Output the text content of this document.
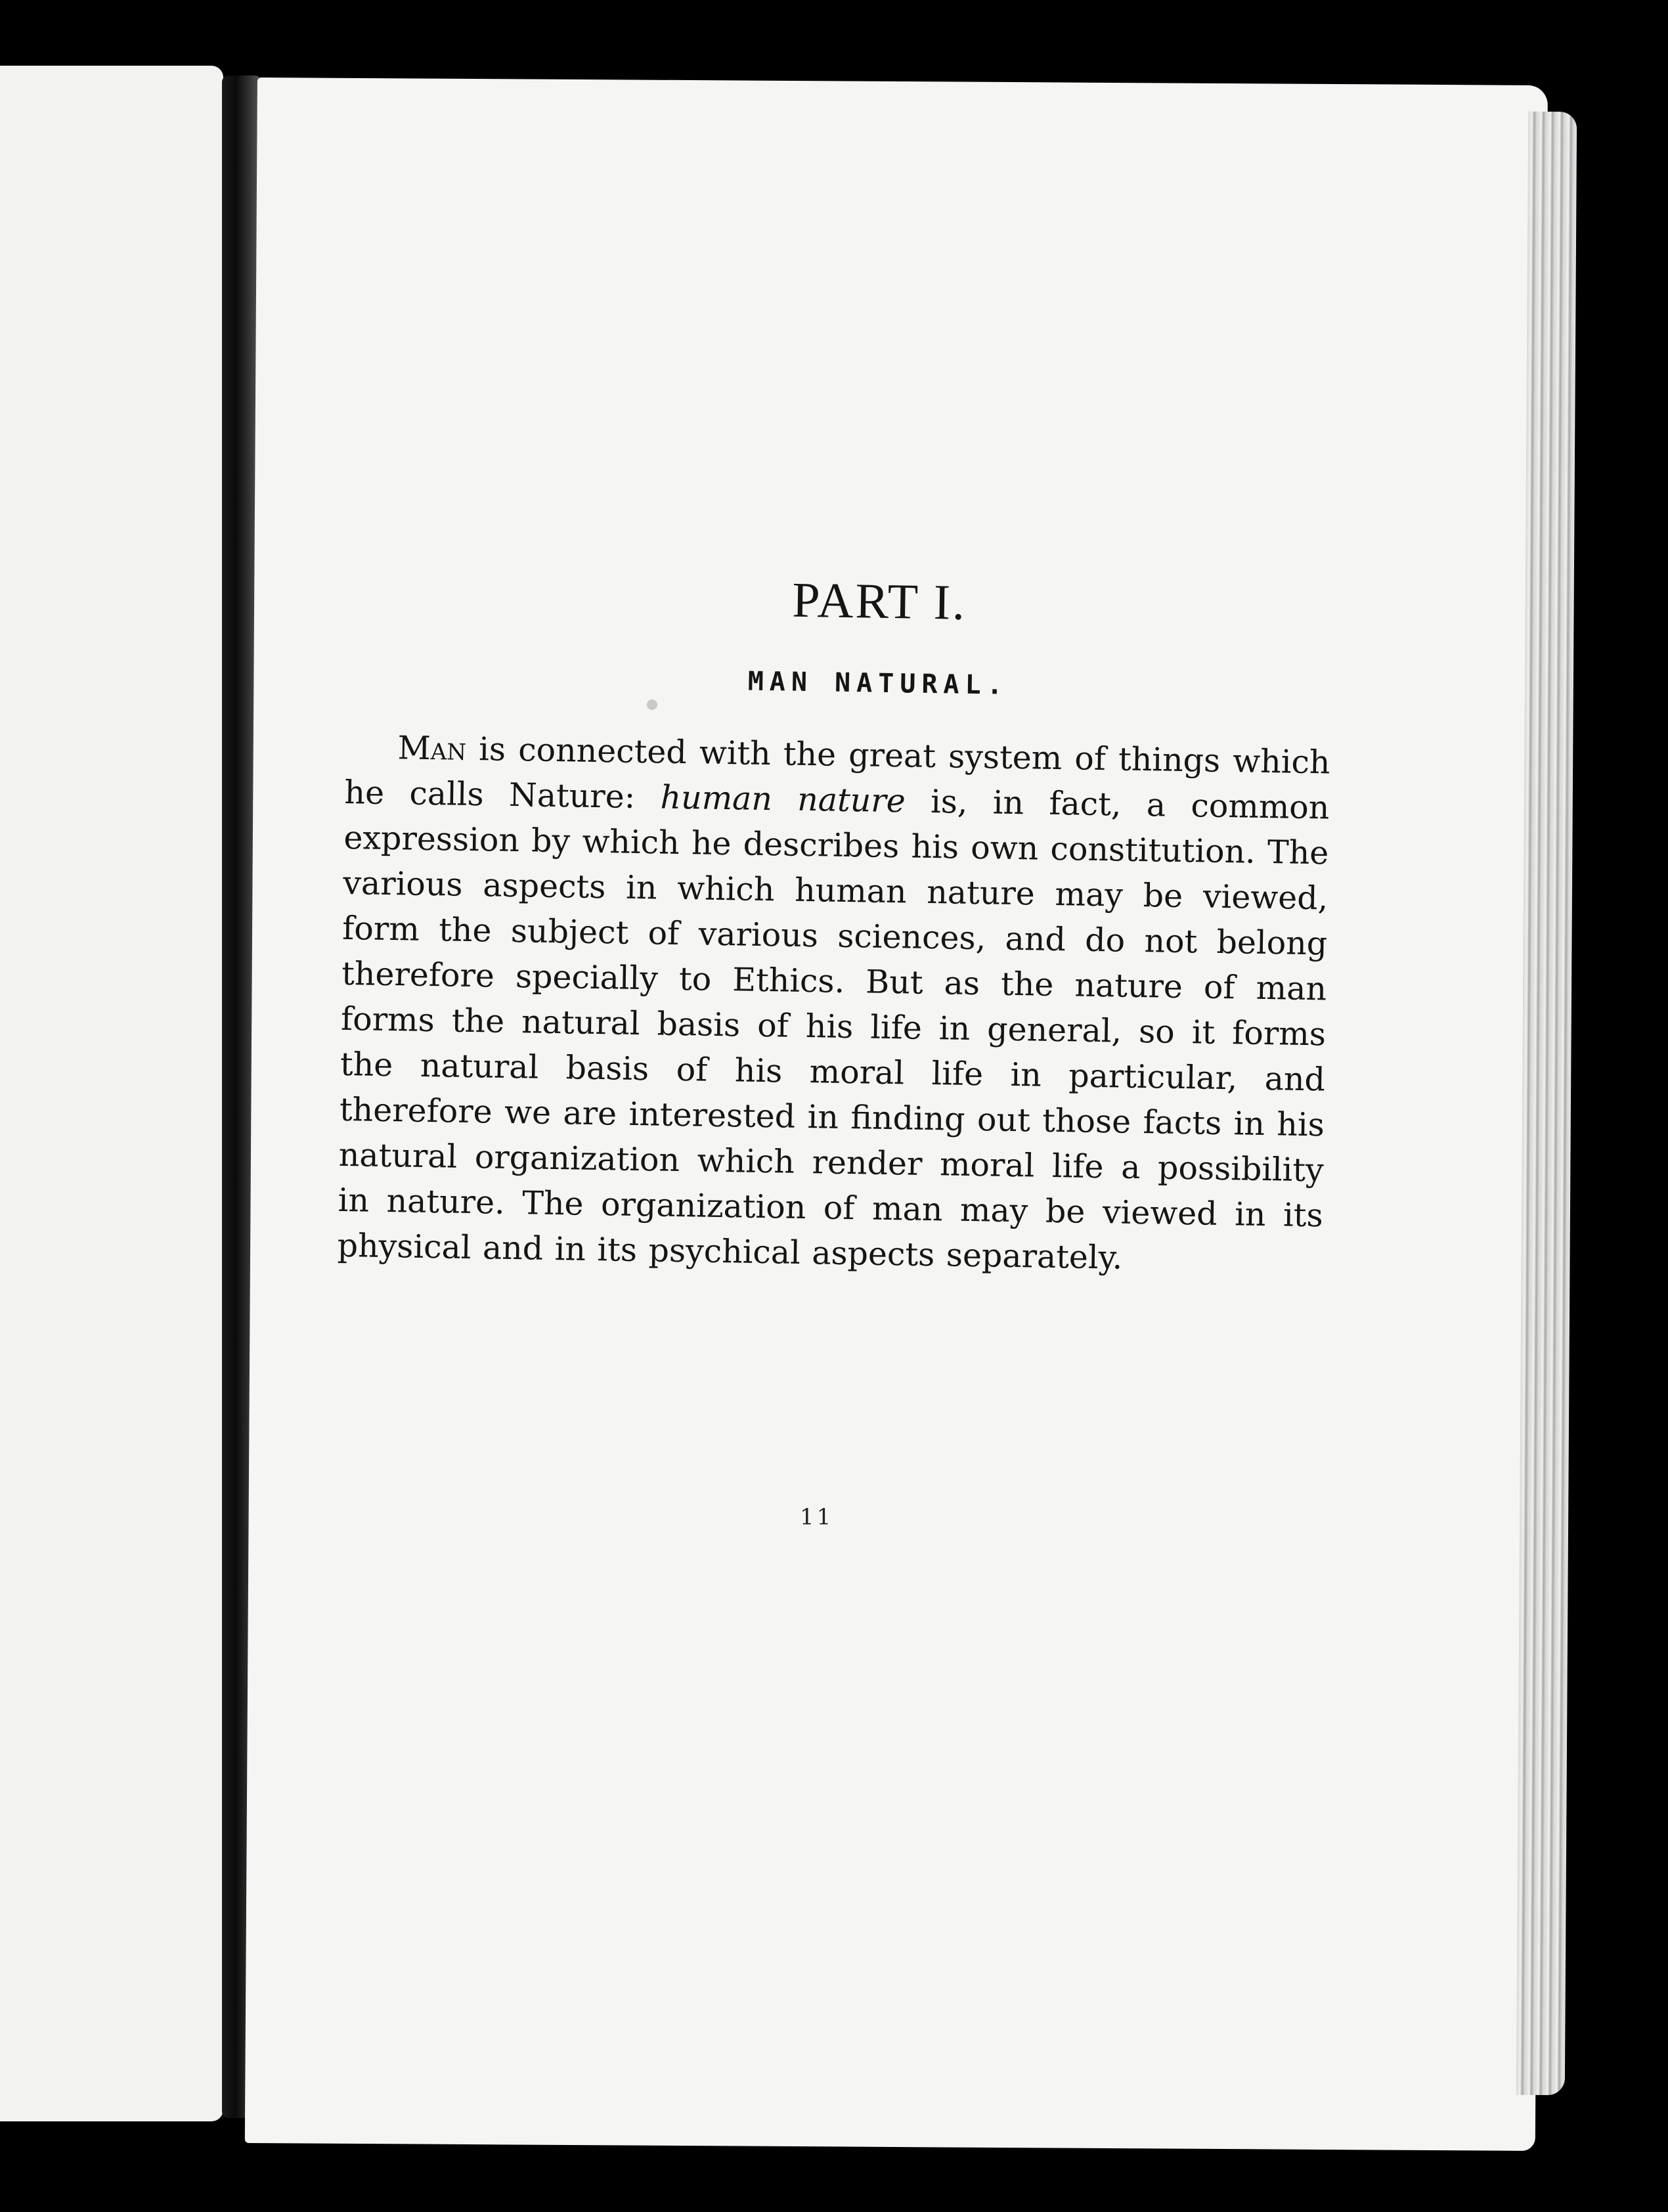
PART I.
MAN NATURAL.

Man is connected with the great system of things which he calls Nature: human nature is, in fact, a common expression by which he describes his own constitution. The various aspects in which human nature may be viewed, form the subject of various sciences, and do not belong therefore specially to Ethics. But as the nature of man forms the natural basis of his life in general, so it forms the natural basis of his moral life in particular, and therefore we are interested in finding out those facts in his natural organization which render moral life a possibility in nature. The organization of man may be viewed in its physical and in its psychical aspects separately.

11
